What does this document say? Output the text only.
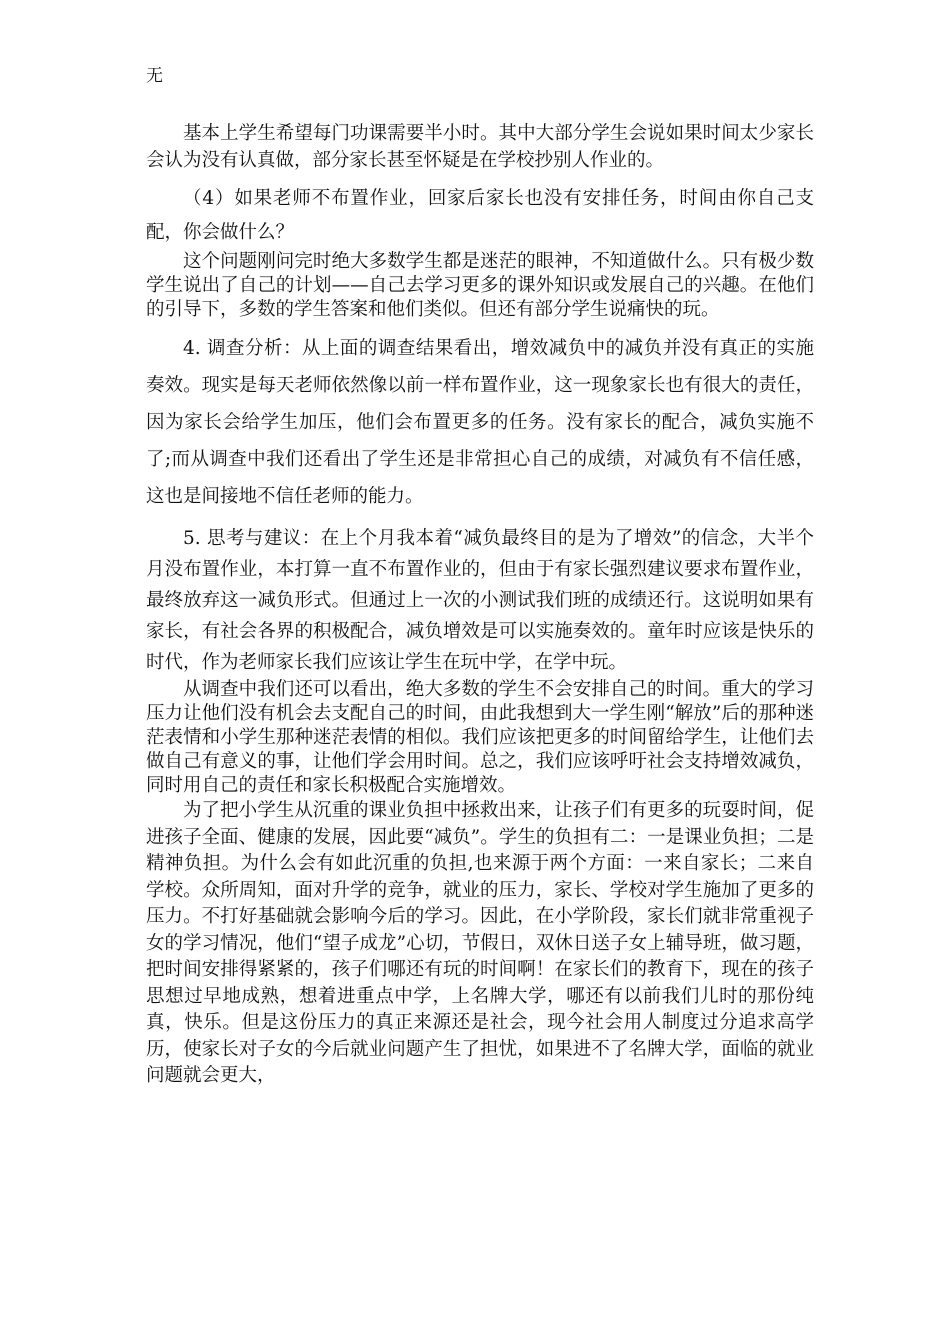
无

基本上学生希望每门功课需要半小时。其中大部分学生会说如果时间太少家长会认为没有认真做，部分家长甚至怀疑是在学校抄别人作业的。

（4）如果老师不布置作业，回家后家长也没有安排任务，时间由你自己支配，你会做什么？

这个问题刚问完时绝大多数学生都是迷茫的眼神，不知道做什么。只有极少数学生说出了自己的计划——自己去学习更多的课外知识或发展自己的兴趣。在他们的引导下，多数的学生答案和他们类似。但还有部分学生说痛快的玩。

4. 调查分析：从上面的调查结果看出，增效减负中的减负并没有真正的实施奏效。现实是每天老师依然像以前一样布置作业，这一现象家长也有很大的责任，因为家长会给学生加压，他们会布置更多的任务。没有家长的配合，减负实施不了;而从调查中我们还看出了学生还是非常担心自己的成绩，对减负有不信任感，这也是间接地不信任老师的能力。

5. 思考与建议：在上个月我本着“减负最终目的是为了增效”的信念，大半个月没布置作业，本打算一直不布置作业的，但由于有家长强烈建议要求布置作业，最终放弃这一减负形式。但通过上一次的小测试我们班的成绩还行。这说明如果有家长，有社会各界的积极配合，减负增效是可以实施奏效的。童年时应该是快乐的时代，作为老师家长我们应该让学生在玩中学，在学中玩。

从调查中我们还可以看出，绝大多数的学生不会安排自己的时间。重大的学习压力让他们没有机会去支配自己的时间，由此我想到大一学生刚“解放”后的那种迷茫表情和小学生那种迷茫表情的相似。我们应该把更多的时间留给学生，让他们去做自己有意义的事，让他们学会用时间。总之，我们应该呼吁社会支持增效减负，同时用自己的责任和家长积极配合实施增效。

为了把小学生从沉重的课业负担中拯救出来，让孩子们有更多的玩耍时间，促进孩子全面、健康的发展，因此要“减负”。学生的负担有二：一是课业负担；二是精神负担。为什么会有如此沉重的负担,也来源于两个方面：一来自家长；二来自学校。众所周知，面对升学的竞争，就业的压力，家长、学校对学生施加了更多的压力。不打好基础就会影响今后的学习。因此，在小学阶段，家长们就非常重视子女的学习情况，他们“望子成龙”心切，节假日，双休日送子女上辅导班，做习题，把时间安排得紧紧的，孩子们哪还有玩的时间啊！在家长们的教育下，现在的孩子思想过早地成熟，想着进重点中学，上名牌大学，哪还有以前我们儿时的那份纯真，快乐。但是这份压力的真正来源还是社会，现今社会用人制度过分追求高学历，使家长对子女的今后就业问题产生了担忧，如果进不了名牌大学，面临的就业问题就会更大，
